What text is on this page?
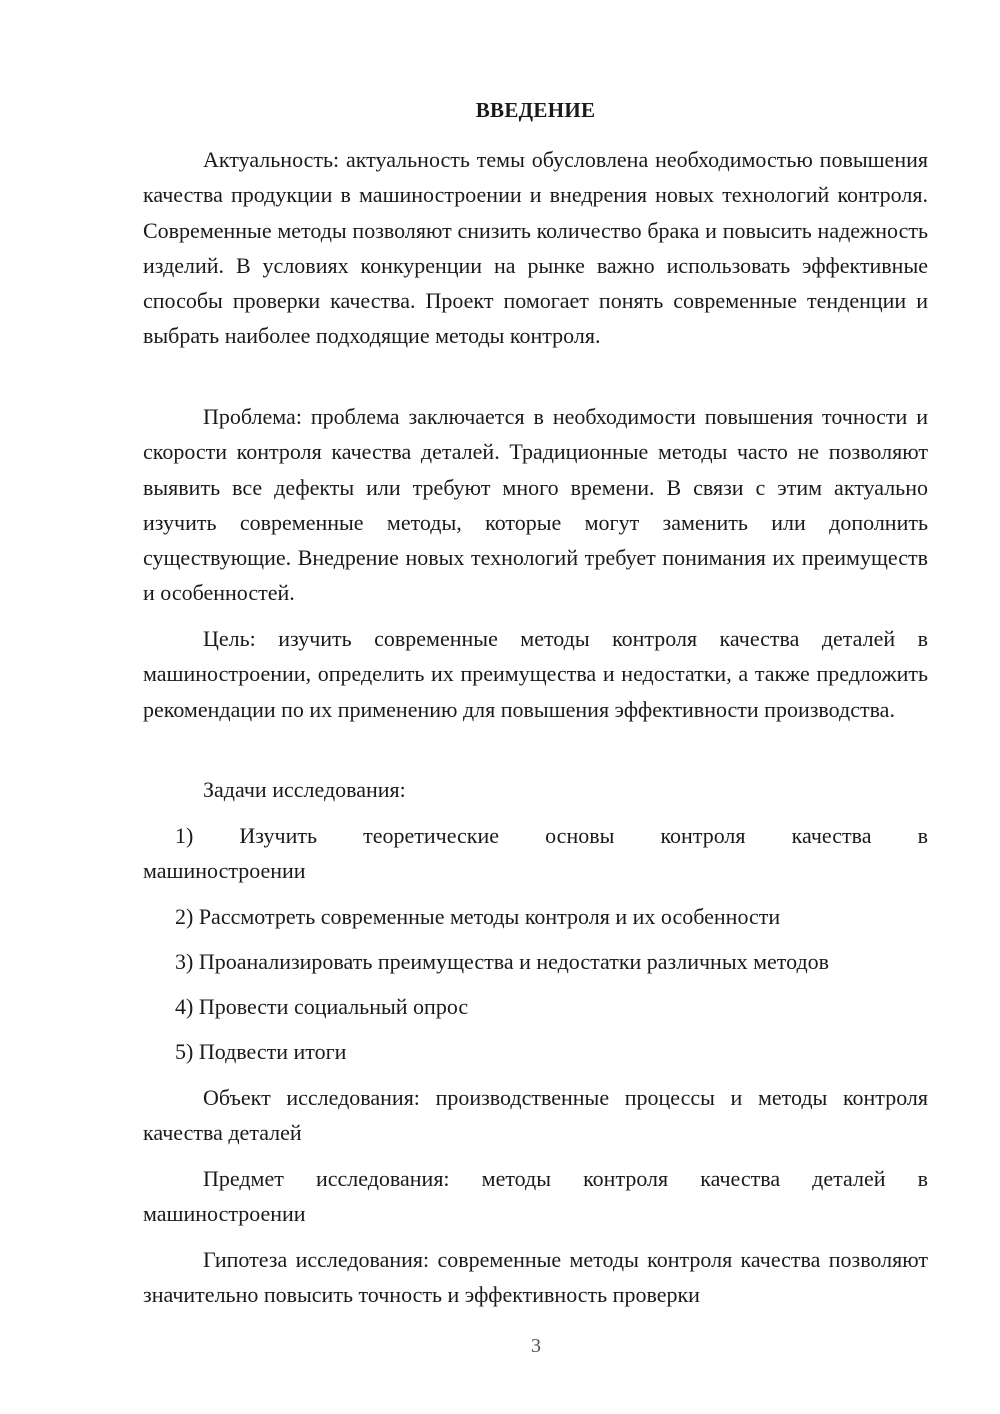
ВВЕДЕНИЕ

Актуальность: актуальность темы обусловлена необходимостью повышения качества продукции в машиностроении и внедрения новых технологий контроля. Современные методы позволяют снизить количество брака и повысить надежность изделий. В условиях конкуренции на рынке важно использовать эффективные способы проверки качества. Проект помогает понять современные тенденции и выбрать наиболее подходящие методы контроля.

Проблема: проблема заключается в необходимости повышения точности и скорости контроля качества деталей. Традиционные методы часто не позволяют выявить все дефекты или требуют много времени. В связи с этим актуально изучить современные методы, которые могут заменить или дополнить существующие. Внедрение новых технологий требует понимания их преимуществ и особенностей.

Цель: изучить современные методы контроля качества деталей в машиностроении, определить их преимущества и недостатки, а также предложить рекомендации по их применению для повышения эффективности производства.

Задачи исследования:

1) Изучить теоретические основы контроля качества в
машиностроении

2) Рассмотреть современные методы контроля и их особенности

3) Проанализировать преимущества и недостатки различных методов

4) Провести социальный опрос

5) Подвести итоги

Объект исследования: производственные процессы и методы контроля качества деталей

Предмет исследования: методы контроля качества деталей в машиностроении

Гипотеза исследования: современные методы контроля качества позволяют значительно повысить точность и эффективность проверки

3
